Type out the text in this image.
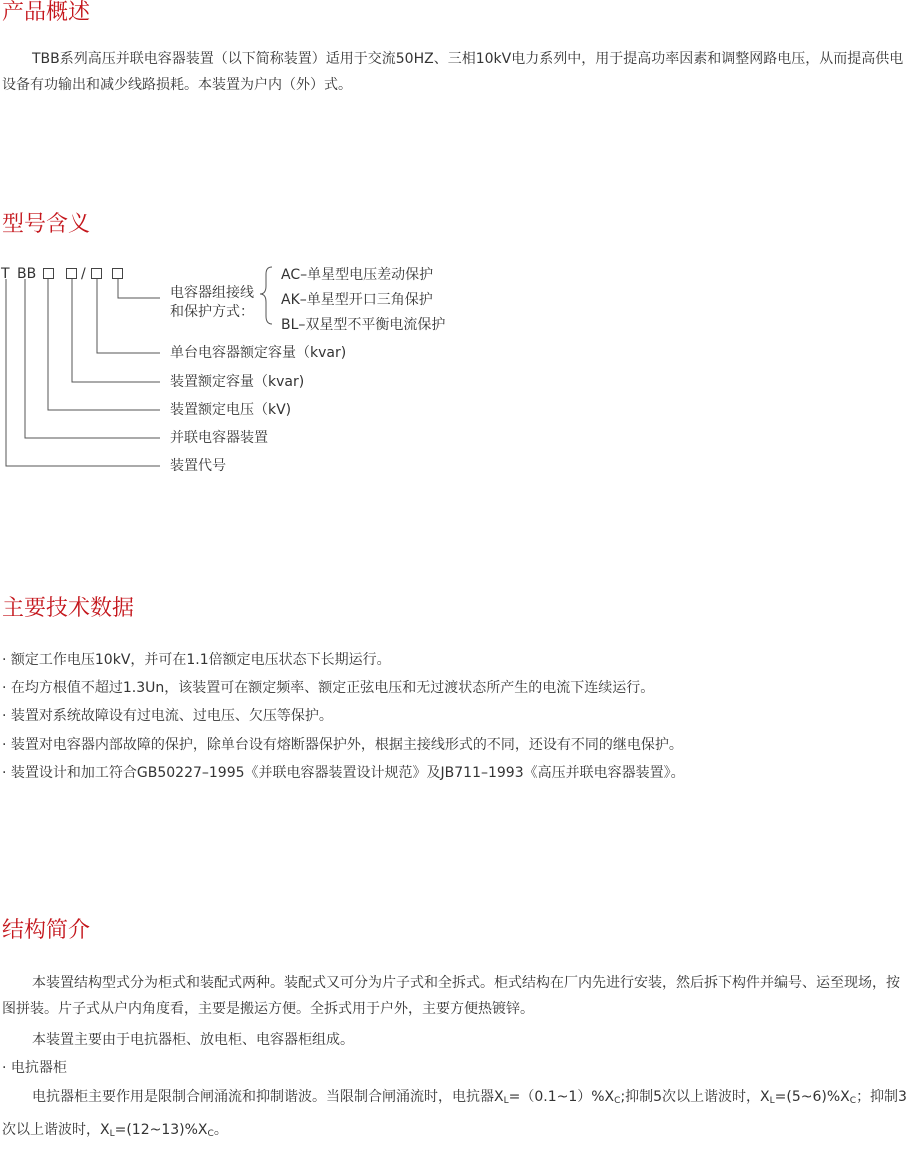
产品概述

TBB系列高压并联电容器装置（以下简称装置）适用于交流50HZ、三相10kV电力系列中，用于提高功率因素和调整网路电压，从而提高供电设备有功输出和减少线路损耗。本装置为户内（外）式。

型号含义
T BB	/
电容器组接线
和保护方式：
AC–单星型电压差动保护
AK–单星型开口三角保护
BL–双星型不平衡电流保护
单台电容器额定容量（kvar)
装置额定容量（kvar)
装置额定电压（kV)
并联电容器装置
装置代号
主要技术数据
· 额定工作电压10kV，并可在1.1倍额定电压状态下长期运行。
· 在均方根值不超过1.3Un，该装置可在额定频率、额定正弦电压和无过渡状态所产生的电流下连续运行。
· 装置对系统故障设有过电流、过电压、欠压等保护。
· 装置对电容器内部故障的保护，除单台设有熔断器保护外，根据主接线形式的不同，还设有不同的继电保护。
· 装置设计和加工符合GB50227–1995《并联电容器装置设计规范》及JB711–1993《高压并联电容器装置》。
结构简介

本装置结构型式分为柜式和装配式两种。装配式又可分为片子式和全拆式。柜式结构在厂内先进行安装，然后拆下构件并编号、运至现场，按图拼装。片子式从户内角度看，主要是搬运方便。全拆式用于户外，主要方便热镀锌。

本装置主要由于电抗器柜、放电柜、电容器柜组成。
· 电抗器柜

电抗器柜主要作用是限制合闸涌流和抑制谐波。当限制合闸涌流时，电抗器$X_L=(0.1\sim 1)\%X_C$;抑制5次以上谐波时，$X_L=(5\sim 6)\%X_C$；抑制3次以上谐波时，$X_L=(12\sim 13)\%X_C$。
